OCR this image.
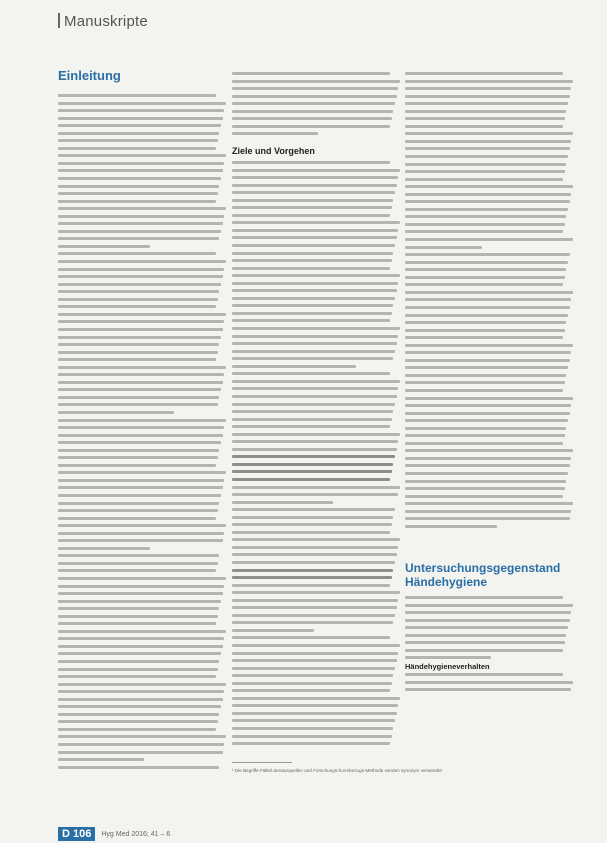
Manuskripte
Einleitung
Ziele und Vorgehen
Untersuchungsgegenstand Händehygiene
Händehygieneverhalten
¹ Die Begriffe Fälle/Literaturquellen und Forschungs-/Lernbezugs-Methode werden synonym verwendet
D 106	Hyg Med 2016; 41 – 6
